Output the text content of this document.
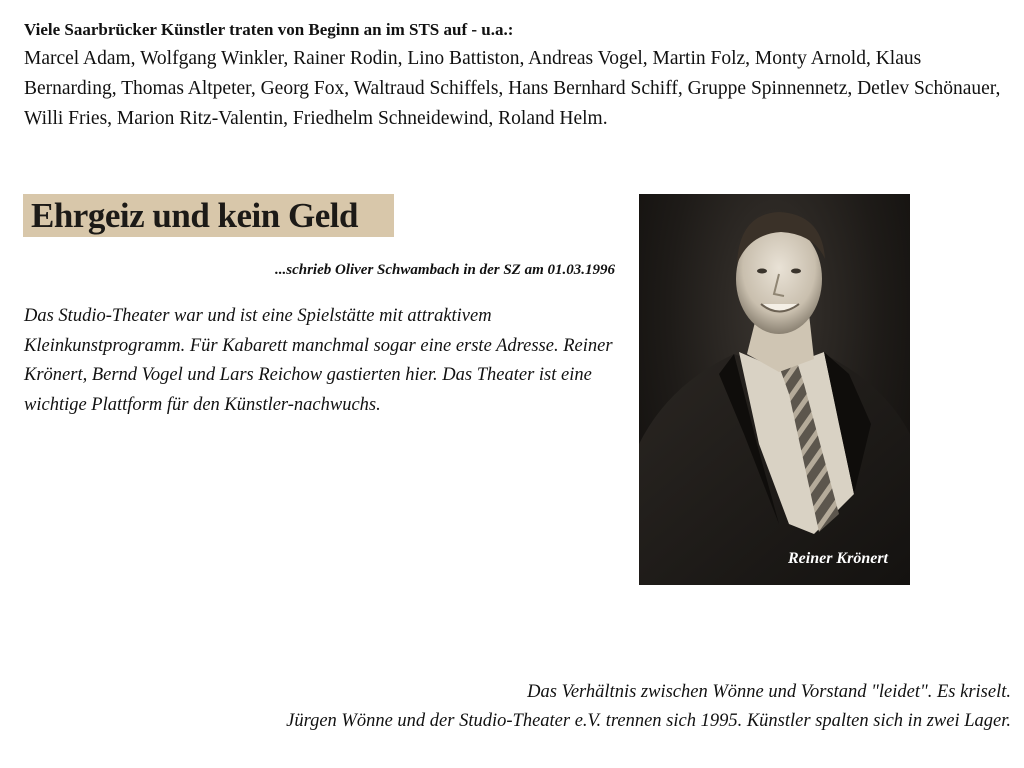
Viele Saarbrücker Künstler traten von Beginn an im STS auf - u.a.:
Marcel Adam, Wolfgang Winkler, Rainer Rodin, Lino Battiston, Andreas Vogel, Martin Folz, Monty Arnold, Klaus Bernarding, Thomas Altpeter, Georg Fox, Waltraud Schiffels, Hans Bernhard Schiff, Gruppe Spinnennetz, Detlev Schönauer, Willi Fries, Marion Ritz-Valentin, Friedhelm Schneidewind, Roland Helm.
Ehrgeiz und kein Geld
...schrieb Oliver Schwambach in der SZ am 01.03.1996
Das Studio-Theater war und ist eine Spielstätte mit attraktivem Kleinkunstprogramm. Für Kabarett manchmal sogar eine erste Adresse. Reiner Krönert, Bernd Vogel und Lars Reichow gastierten hier. Das Theater ist eine wichtige Plattform für den Künstler-nachwuchs.
Reiner Krönert
Das Verhältnis zwischen Wönne und Vorstand "leidet". Es kriselt.
Jürgen Wönne und der Studio-Theater e.V. trennen sich 1995. Künstler spalten sich in zwei Lager.
